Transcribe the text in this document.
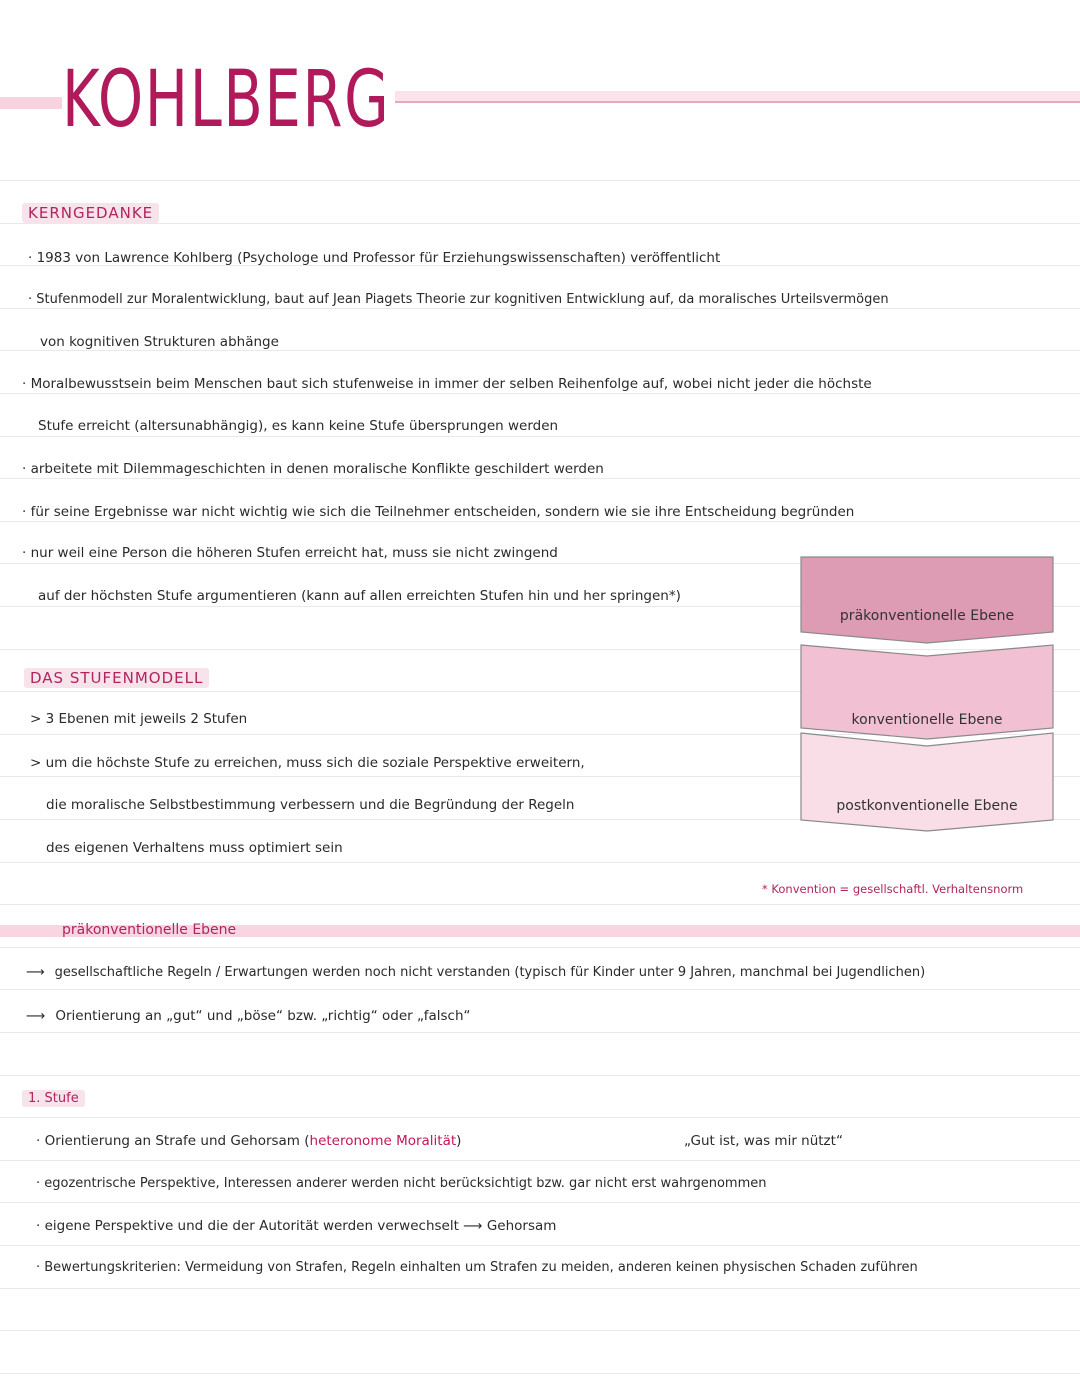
KOHLBERG
KERNGEDANKE
· 1983 von Lawrence Kohlberg (Psychologe und Professor für Erziehungswissenschaften) veröffentlicht
· Stufenmodell zur Moralentwicklung, baut auf Jean Piagets Theorie zur kognitiven Entwicklung auf, da moralisches Urteilsvermögen
von kognitiven Strukturen abhänge
· Moralbewusstsein beim Menschen baut sich stufenweise in immer der selben Reihenfolge auf, wobei nicht jeder die höchste
Stufe erreicht (altersunabhängig), es kann keine Stufe übersprungen werden
· arbeitete mit Dilemmageschichten in denen moralische Konflikte geschildert werden
· für seine Ergebnisse war nicht wichtig wie sich die Teilnehmer entscheiden, sondern wie sie ihre Entscheidung begründen
· nur weil eine Person die höheren Stufen erreicht hat, muss sie nicht zwingend
auf der höchsten Stufe argumentieren (kann auf allen erreichten Stufen hin und her springen*)
präkonventionelle Ebene
konventionelle Ebene
postkonventionelle Ebene
* Konvention = gesellschaftl. Verhaltensnorm
DAS STUFENMODELL
> 3 Ebenen mit jeweils 2 Stufen
> um die höchste Stufe zu erreichen, muss sich die soziale Perspektive erweitern,
die moralische Selbstbestimmung verbessern und die Begründung der Regeln
des eigenen Verhaltens muss optimiert sein
präkonventionelle Ebene
⟶ gesellschaftliche Regeln / Erwartungen werden noch nicht verstanden (typisch für Kinder unter 9 Jahren, manchmal bei Jugendlichen)
⟶ Orientierung an „gut“ und „böse“ bzw. „richtig“ oder „falsch“
1. Stufe
· Orientierung an Strafe und Gehorsam (heteronome Moralität)	„Gut ist, was mir nützt“
· egozentrische Perspektive, Interessen anderer werden nicht berücksichtigt bzw. gar nicht erst wahrgenommen
· eigene Perspektive und die der Autorität werden verwechselt ⟶ Gehorsam
· Bewertungskriterien: Vermeidung von Strafen, Regeln einhalten um Strafen zu meiden, anderen keinen physischen Schaden zuführen
